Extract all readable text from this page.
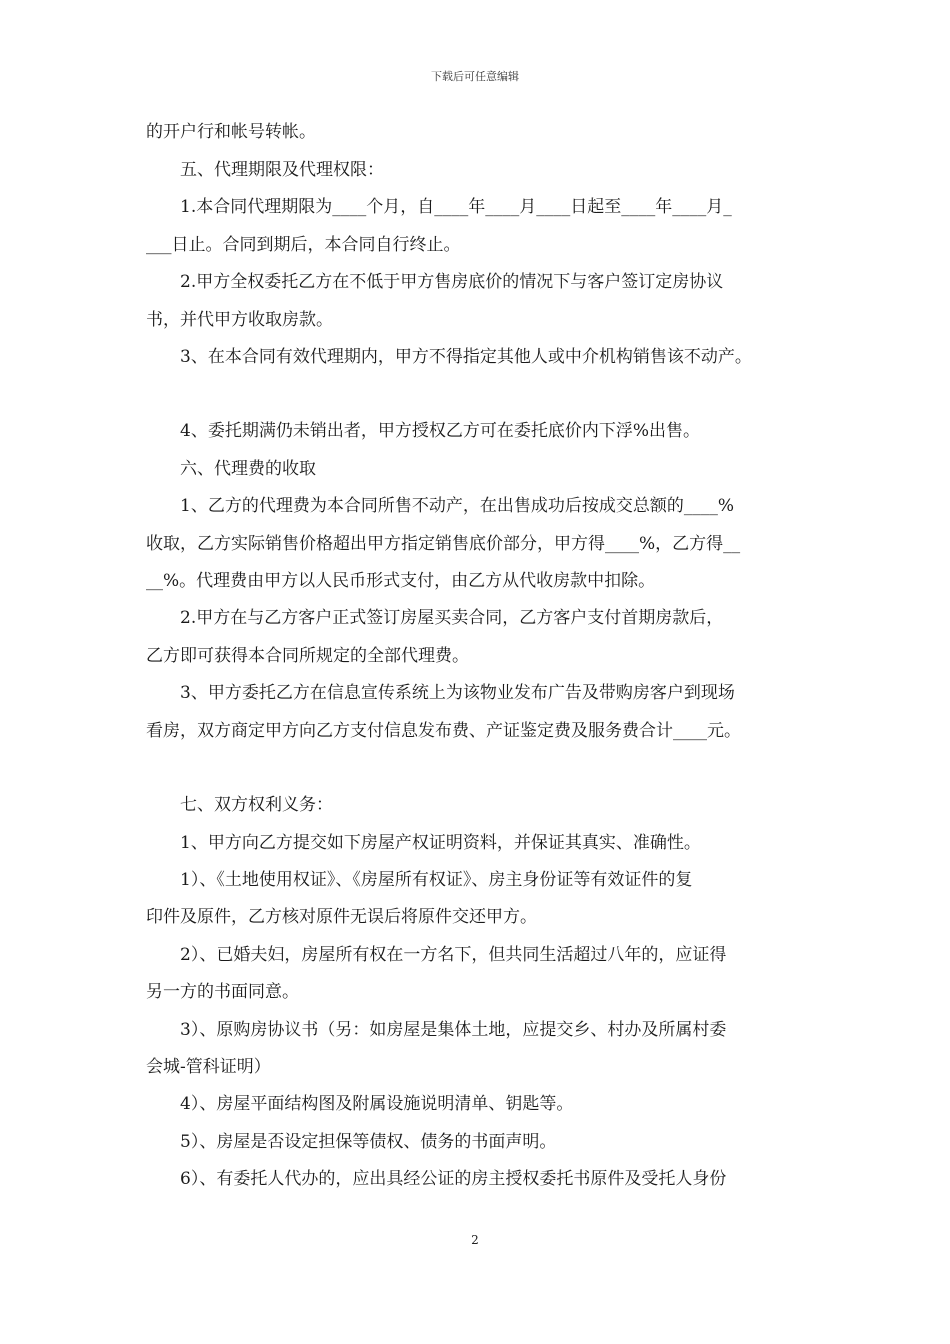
下载后可任意编辑
的开户行和帐号转帐。
　　五、代理期限及代理权限：
　　1.本合同代理期限为____个月，自____年____月____日起至____年____月_
___日止。合同到期后，本合同自行终止。
　　2.甲方全权委托乙方在不低于甲方售房底价的情况下与客户签订定房协议
书，并代甲方收取房款。
　　3、在本合同有效代理期内，甲方不得指定其他人或中介机构销售该不动产。
　　4、委托期满仍未销出者，甲方授权乙方可在委托底价内下浮%出售。
　　六、代理费的收取
　　1、乙方的代理费为本合同所售不动产，在出售成功后按成交总额的____%
收取，乙方实际销售价格超出甲方指定销售底价部分，甲方得____%，乙方得__
__%。代理费由甲方以人民币形式支付，由乙方从代收房款中扣除。
　　2.甲方在与乙方客户正式签订房屋买卖合同，乙方客户支付首期房款后，
乙方即可获得本合同所规定的全部代理费。
　　3、甲方委托乙方在信息宣传系统上为该物业发布广告及带购房客户到现场
看房，双方商定甲方向乙方支付信息发布费、产证鉴定费及服务费合计____元。
　　七、双方权利义务：
　　1、甲方向乙方提交如下房屋产权证明资料，并保证其真实、准确性。
　　1）、《土地使用权证》、《房屋所有权证》、房主身份证等有效证件的复
印件及原件，乙方核对原件无误后将原件交还甲方。
　　2）、已婚夫妇，房屋所有权在一方名下，但共同生活超过八年的，应证得
另一方的书面同意。
　　3）、原购房协议书（另：如房屋是集体土地，应提交乡、村办及所属村委
会城-管科证明）
　　4）、房屋平面结构图及附属设施说明清单、钥匙等。
　　5）、房屋是否设定担保等债权、债务的书面声明。
　　6）、有委托人代办的，应出具经公证的房主授权委托书原件及受托人身份
2
